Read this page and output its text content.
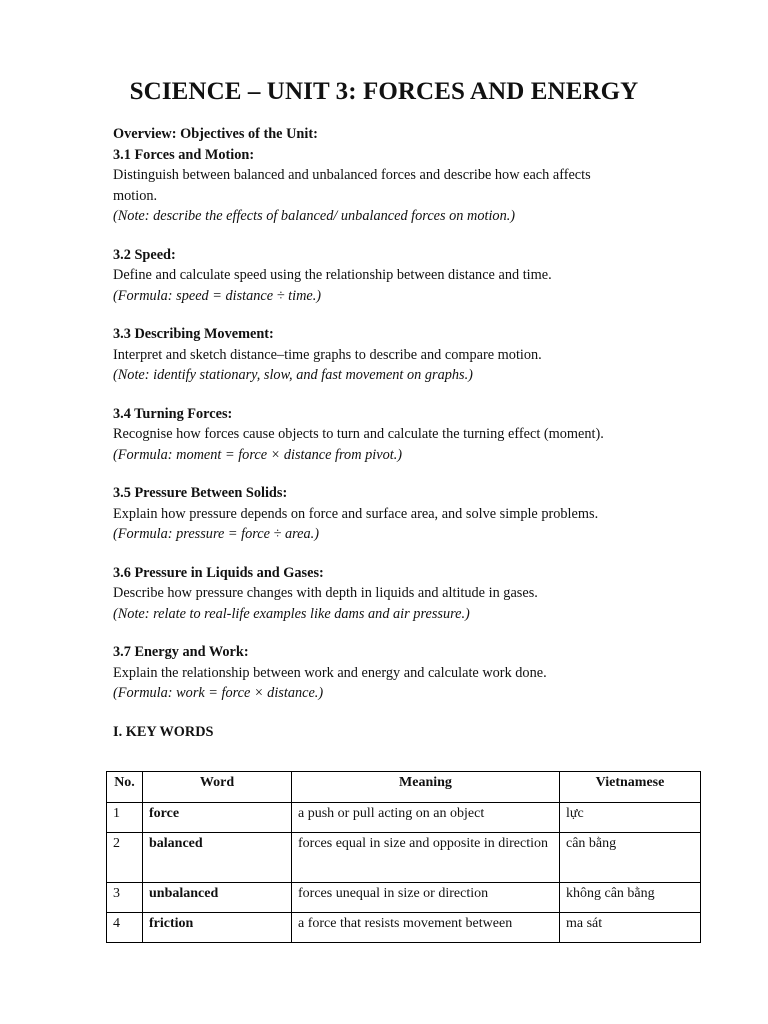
SCIENCE – UNIT 3: FORCES AND ENERGY
Overview: Objectives of the Unit:
3.1 Forces and Motion:
Distinguish between balanced and unbalanced forces and describe how each affects
motion.
(Note: describe the effects of balanced/ unbalanced forces on motion.)
3.2 Speed:
Define and calculate speed using the relationship between distance and time.
(Formula: speed = distance ÷ time.)
3.3 Describing Movement:
Interpret and sketch distance–time graphs to describe and compare motion.
(Note: identify stationary, slow, and fast movement on graphs.)
3.4 Turning Forces:
Recognise how forces cause objects to turn and calculate the turning effect (moment).
(Formula: moment = force × distance from pivot.)
3.5 Pressure Between Solids:
Explain how pressure depends on force and surface area, and solve simple problems.
(Formula: pressure = force ÷ area.)
3.6 Pressure in Liquids and Gases:
Describe how pressure changes with depth in liquids and altitude in gases.
(Note: relate to real-life examples like dams and air pressure.)
3.7 Energy and Work:
Explain the relationship between work and energy and calculate work done.
(Formula: work = force × distance.)
I. KEY WORDS
No.	Word	Meaning	Vietnamese
1	force	a push or pull acting on an object	lực
2	balanced	forces equal in size and opposite in direction	cân bằng
3	unbalanced	forces unequal in size or direction	không cân bằng
4	friction	a force that resists movement between	ma sát
